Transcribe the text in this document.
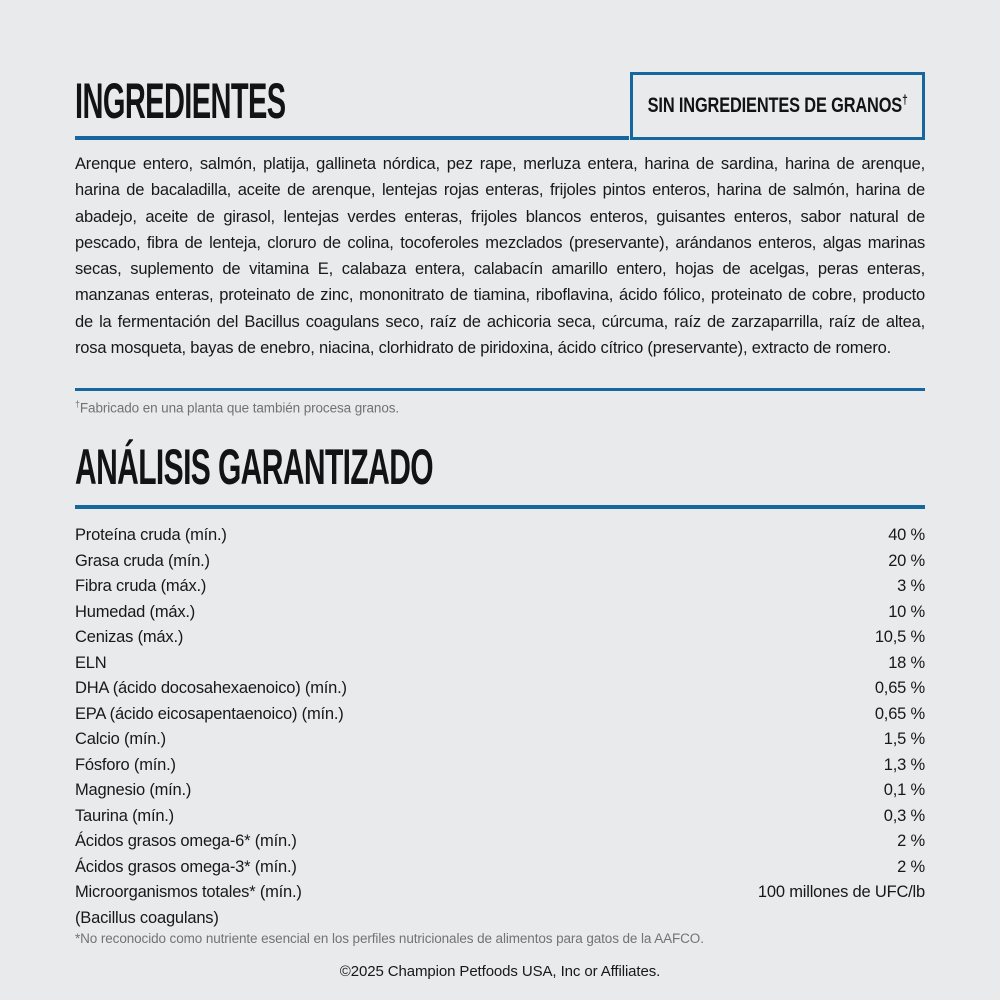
INGREDIENTES	SIN INGREDIENTES DE GRANOS†
Arenque entero, salmón, platija, gallineta nórdica, pez rape, merluza entera, harina de sardina, harina de arenque, harina de bacaladilla, aceite de arenque, lentejas rojas enteras, frijoles pintos enteros, harina de salmón, harina de abadejo, aceite de girasol, lentejas verdes enteras, frijoles blancos enteros, guisantes enteros, sabor natural de pescado, fibra de lenteja, cloruro de colina, tocoferoles mezclados (preservante), arándanos enteros, algas marinas secas, suplemento de vitamina E, calabaza entera, calabacín amarillo entero, hojas de acelgas, peras enteras, manzanas enteras, proteinato de zinc, mononitrato de tiamina, riboflavina, ácido fólico, proteinato de cobre, producto de la fermentación del Bacillus coagulans seco, raíz de achicoria seca, cúrcuma, raíz de zarzaparrilla, raíz de altea, rosa mosqueta, bayas de enebro, niacina, clorhidrato de piridoxina, ácido cítrico (preservante), extracto de romero.
†Fabricado en una planta que también procesa granos.
ANÁLISIS GARANTIZADO
Proteína cruda (mín.)	40 %
Grasa cruda (mín.)	20 %
Fibra cruda (máx.)	3 %
Humedad (máx.)	10 %
Cenizas (máx.)	10,5 %
ELN	18 %
DHA (ácido docosahexaenoico) (mín.)	0,65 %
EPA (ácido eicosapentaenoico) (mín.)	0,65 %
Calcio (mín.)	1,5 %
Fósforo (mín.)	1,3 %
Magnesio (mín.)	0,1 %
Taurina (mín.)	0,3 %
Ácidos grasos omega-6* (mín.)	2 %
Ácidos grasos omega-3* (mín.)	2 %
Microorganismos totales* (mín.)	100 millones de UFC/lb
(Bacillus coagulans)
*No reconocido como nutriente esencial en los perfiles nutricionales de alimentos para gatos de la AAFCO.
©2025 Champion Petfoods USA, Inc or Affiliates.
